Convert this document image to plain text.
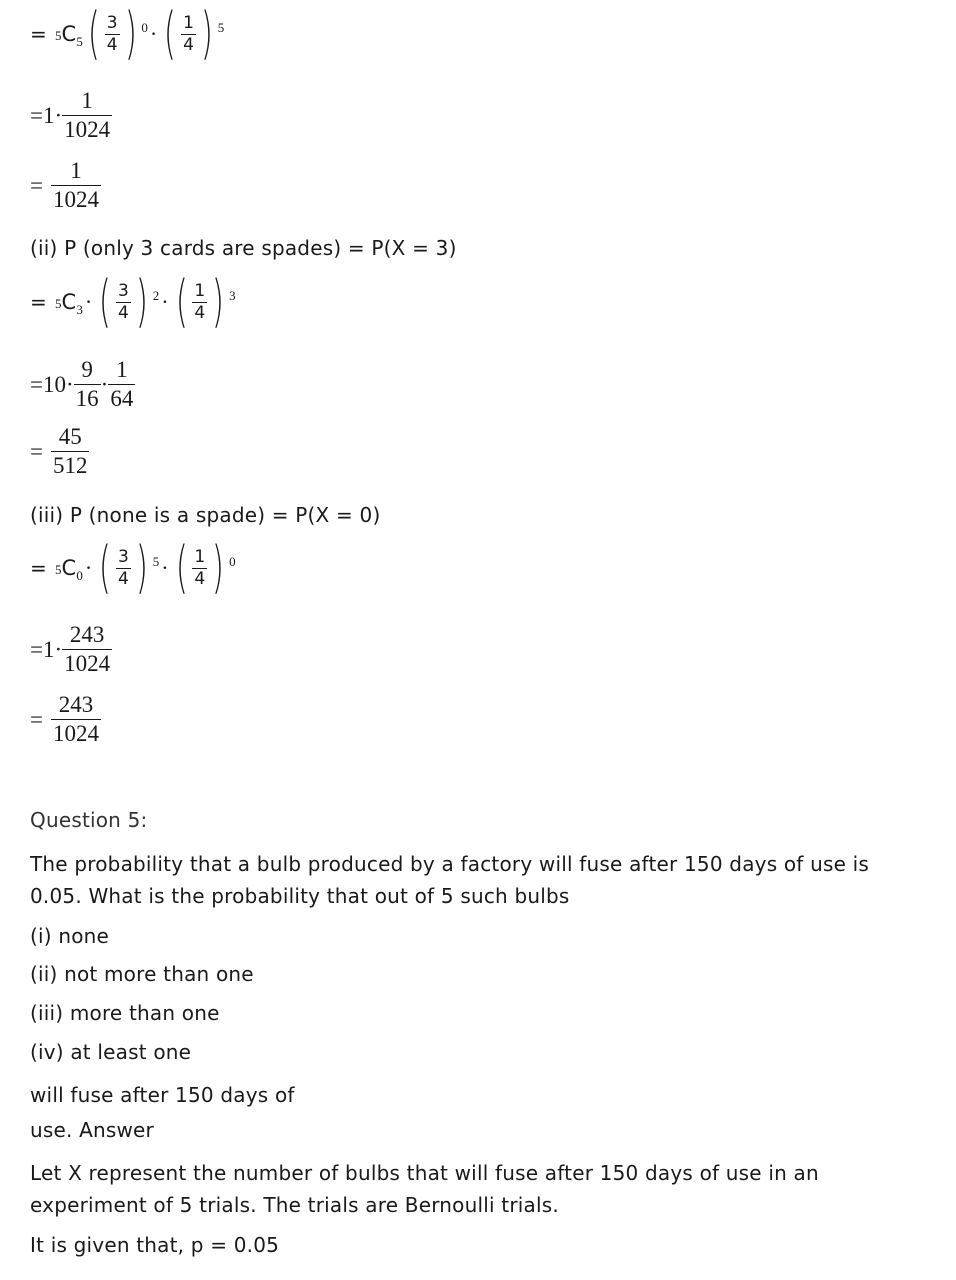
= 5 C 5 ( $\frac{3}{4}$ ) $^0$ · ( $\frac{1}{4}$ ) $^5$
$=1\cdot \frac{1}{1024}$
= $\frac{1}{1024}$
(ii) P (only 3 cards are spades) = P(X = 3)
= 5 C 3 · ( $\frac{3}{4}$ ) $^2$ · ( $\frac{1}{4}$ ) $^3$
$=10\cdot \frac{9}{16} \cdot \frac{1}{64}$
= $\frac{45}{512}$
(iii) P (none is a spade) = P(X = 0)
= 5 C 0 · ( $\frac{3}{4}$ ) $^5$ · ( $\frac{1}{4}$ ) $^0$
$=1\cdot \frac{243}{1024}$
= $\frac{243}{1024}$
Question 5:
The probability that a bulb produced by a factory will fuse after 150 days of use is
0.05. What is the probability that out of 5 such bulbs
(i) none
(ii) not more than one
(iii) more than one
(iv) at least one
will fuse after 150 days of
use. Answer
Let X represent the number of bulbs that will fuse after 150 days of use in an
experiment of 5 trials. The trials are Bernoulli trials.
It is given that, p = 0.05
